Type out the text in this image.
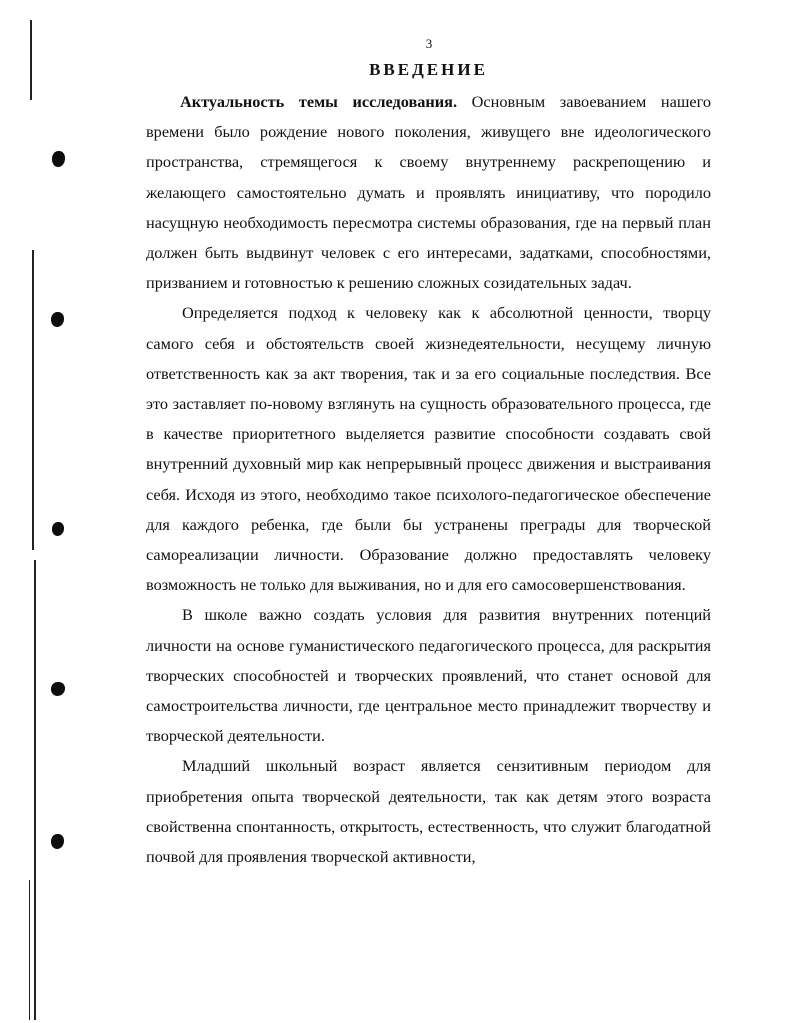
3
ВВЕДЕНИЕ

Актуальность темы исследования. Основным завоеванием нашего времени было рождение нового поколения, живущего вне идеологического пространства, стремящегося к своему внутреннему раскрепощению и желающего самостоятельно думать и проявлять инициативу, что породило насущную необходимость пересмотра системы образования, где на первый план должен быть выдвинут человек с его интересами, задатками, способностями, призванием и готовностью к решению сложных созидательных задач.

Определяется подход к человеку как к абсолютной ценности, творцу самого себя и обстоятельств своей жизнедеятельности, несущему личную ответственность как за акт творения, так и за его социальные последствия. Все это заставляет по-новому взглянуть на сущность образовательного процесса, где в качестве приоритетного выделяется развитие способности создавать свой внутренний духовный мир как непрерывный процесс движения и выстраивания себя. Исходя из этого, необходимо такое психолого-педагогическое обеспечение для каждого ребенка, где были бы устранены преграды для творческой самореализации личности. Образование должно предоставлять человеку возможность не только для выживания, но и для его самосовершенствования.

В школе важно создать условия для развития внутренних потенций личности на основе гуманистического педагогического процесса, для раскрытия творческих способностей и творческих проявлений, что станет основой для самостроительства личности, где центральное место принадлежит творчеству и творческой деятельности.

Младший школьный возраст является сензитивным периодом для приобретения опыта творческой деятельности, так как детям этого возраста свойственна спонтанность, открытость, естественность, что служит благодатной почвой для проявления творческой активности,
